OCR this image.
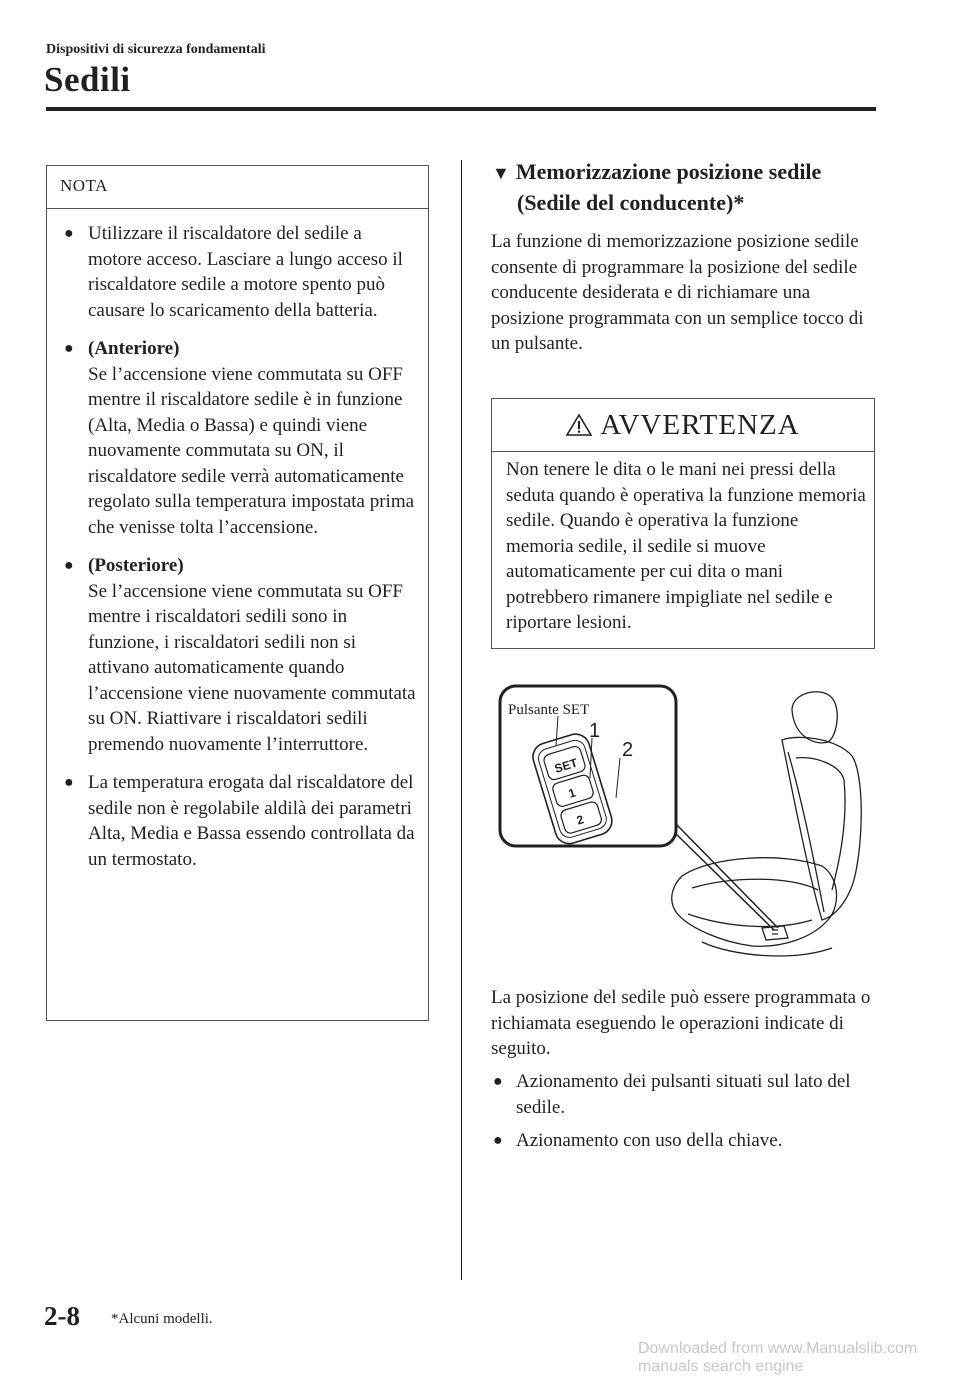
Dispositivi di sicurezza fondamentali
Sedili
NOTA
● Utilizzare il riscaldatore del sedile a motore acceso. Lasciare a lungo acceso il riscaldatore sedile a motore spento può causare lo scaricamento della batteria.
● (Anteriore)
Se l’accensione viene commutata su OFF mentre il riscaldatore sedile è in funzione (Alta, Media o Bassa) e quindi viene nuovamente commutata su ON, il riscaldatore sedile verrà automaticamente regolato sulla temperatura impostata prima che venisse tolta l’accensione.
● (Posteriore)
Se l’accensione viene commutata su OFF mentre i riscaldatori sedili sono in funzione, i riscaldatori sedili non si attivano automaticamente quando l’accensione viene nuovamente commutata su ON. Riattivare i riscaldatori sedili premendo nuovamente l’interruttore.
● La temperatura erogata dal riscaldatore del sedile non è regolabile aldilà dei parametri Alta, Media e Bassa essendo controllata da un termostato.
▼ Memorizzazione posizione sedile
(Sedile del conducente)*
La funzione di memorizzazione posizione sedile consente di programmare la posizione del sedile conducente desiderata e di richiamare una posizione programmata con un semplice tocco di un pulsante.
AVVERTENZA
Non tenere le dita o le mani nei pressi della seduta quando è operativa la funzione memoria sedile. Quando è operativa la funzione memoria sedile, il sedile si muove automaticamente per cui dita o mani potrebbero rimanere impigliate nel sedile e riportare lesioni.
SET
1
2
1
2
Pulsante SET
La posizione del sedile può essere programmata o richiamata eseguendo le operazioni indicate di seguito.
● Azionamento dei pulsanti situati sul lato del sedile.
● Azionamento con uso della chiave.
2-8 *Alcuni modelli.
Downloaded from www.Manualslib.com manuals search engine
